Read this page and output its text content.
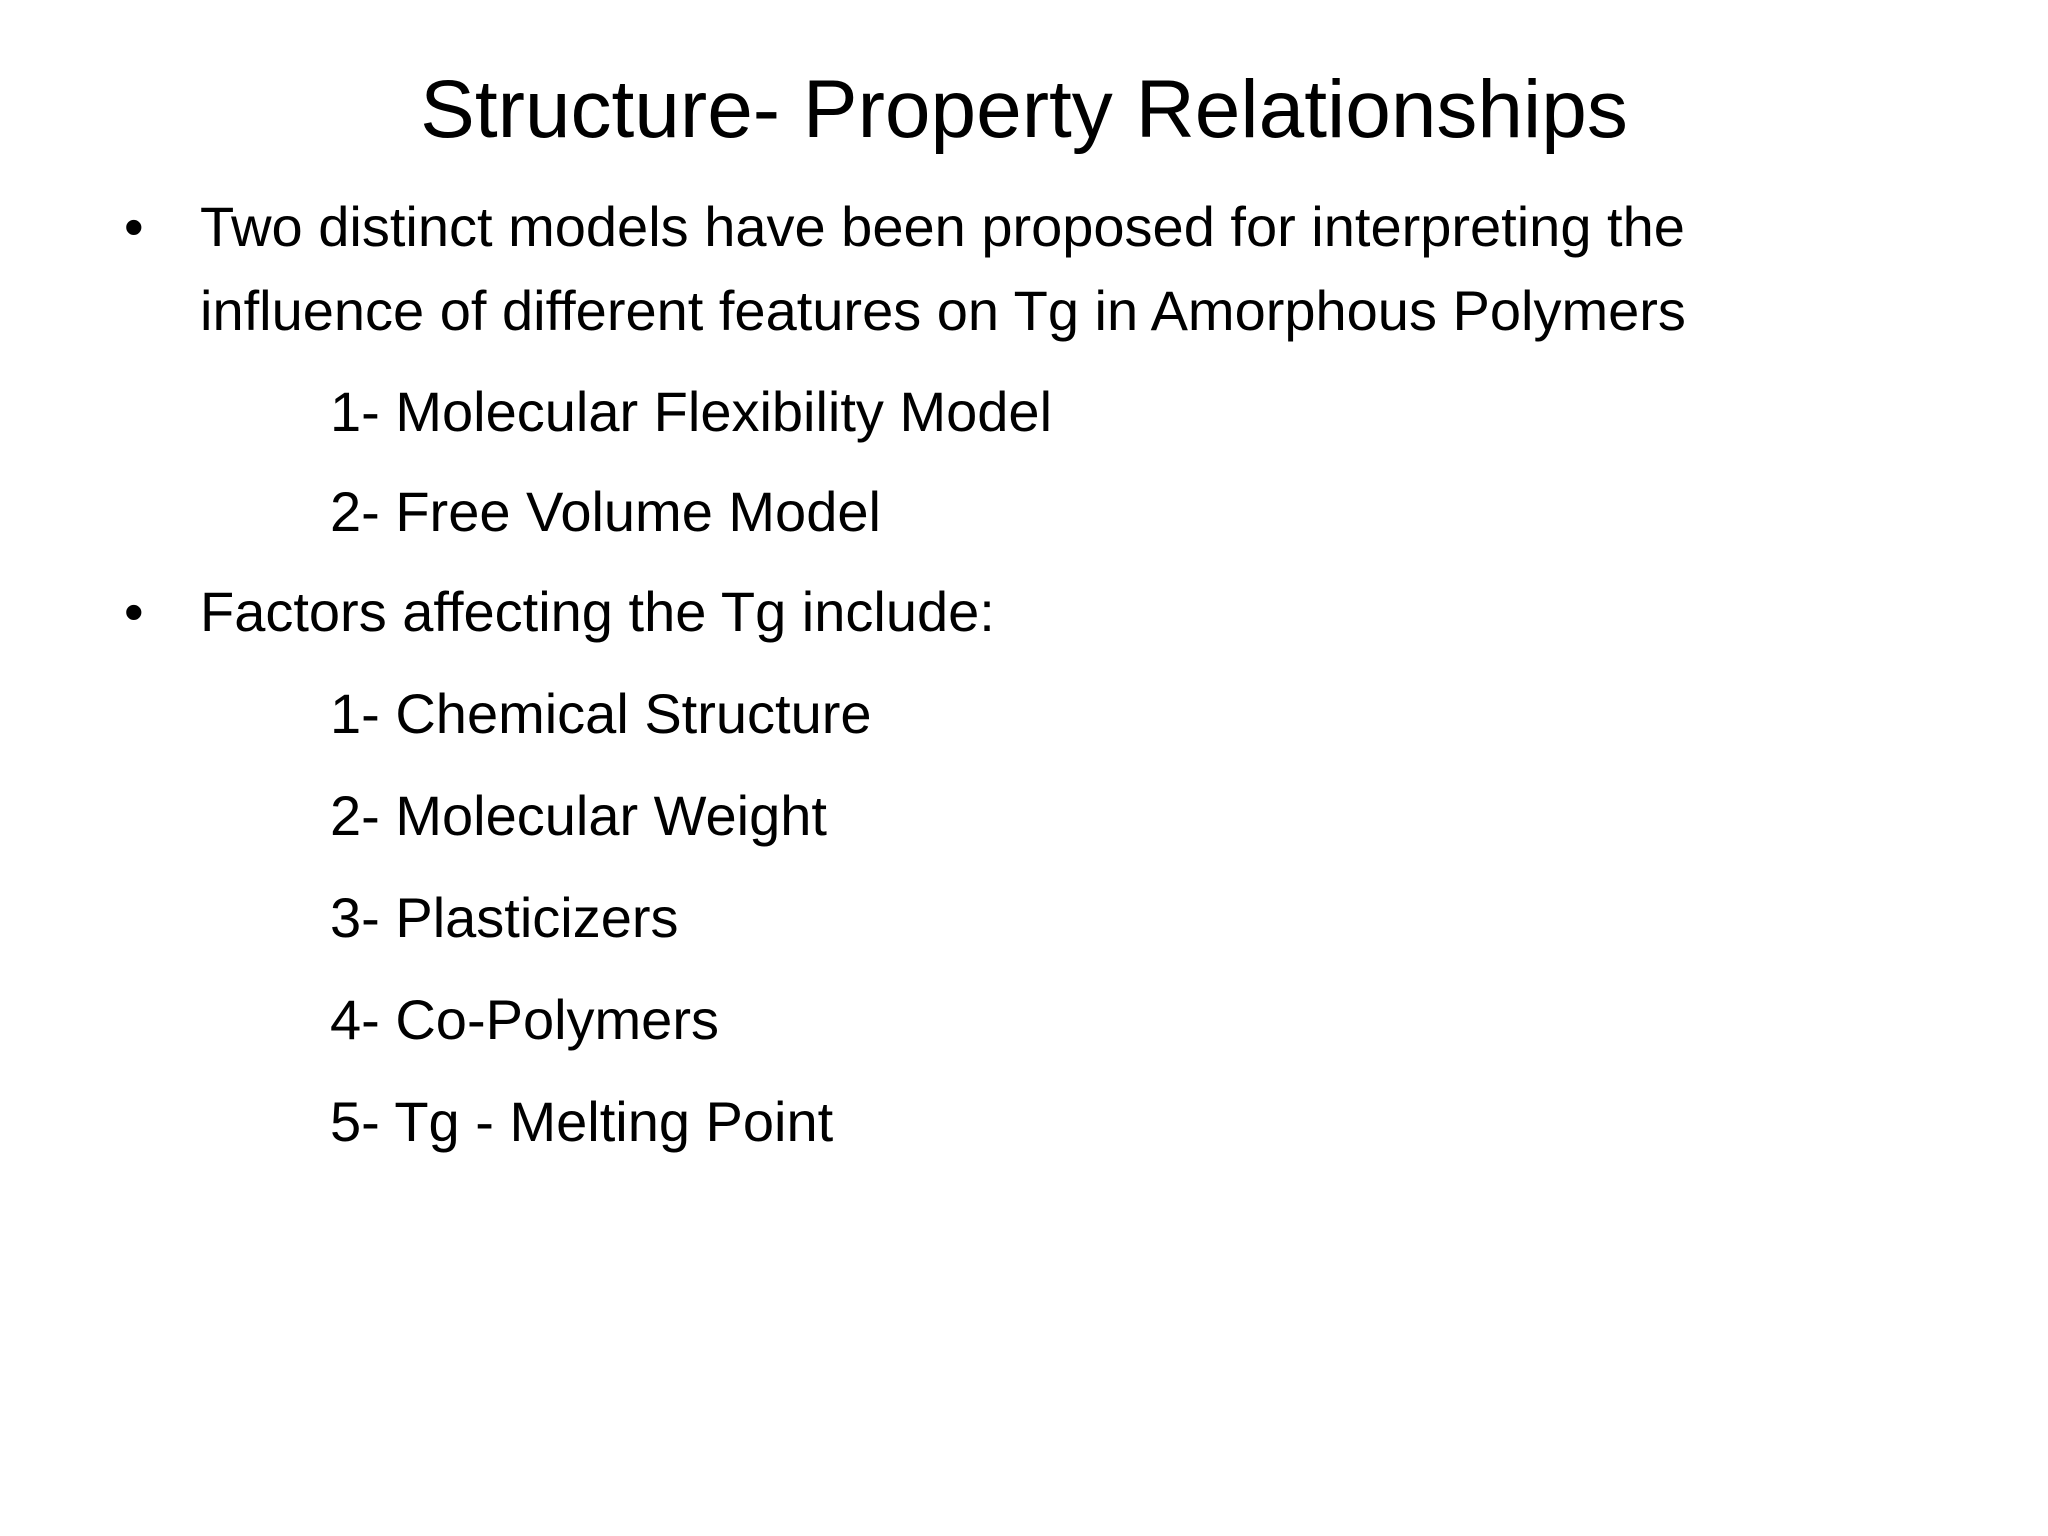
Structure- Property Relationships
• Two distinct models have been proposed for interpreting the
influence of different features on Tg in Amorphous Polymers
1- Molecular Flexibility Model
2- Free Volume Model
• Factors affecting the Tg include:
1- Chemical Structure
2- Molecular Weight
3- Plasticizers
4- Co-Polymers
5- Tg - Melting Point
